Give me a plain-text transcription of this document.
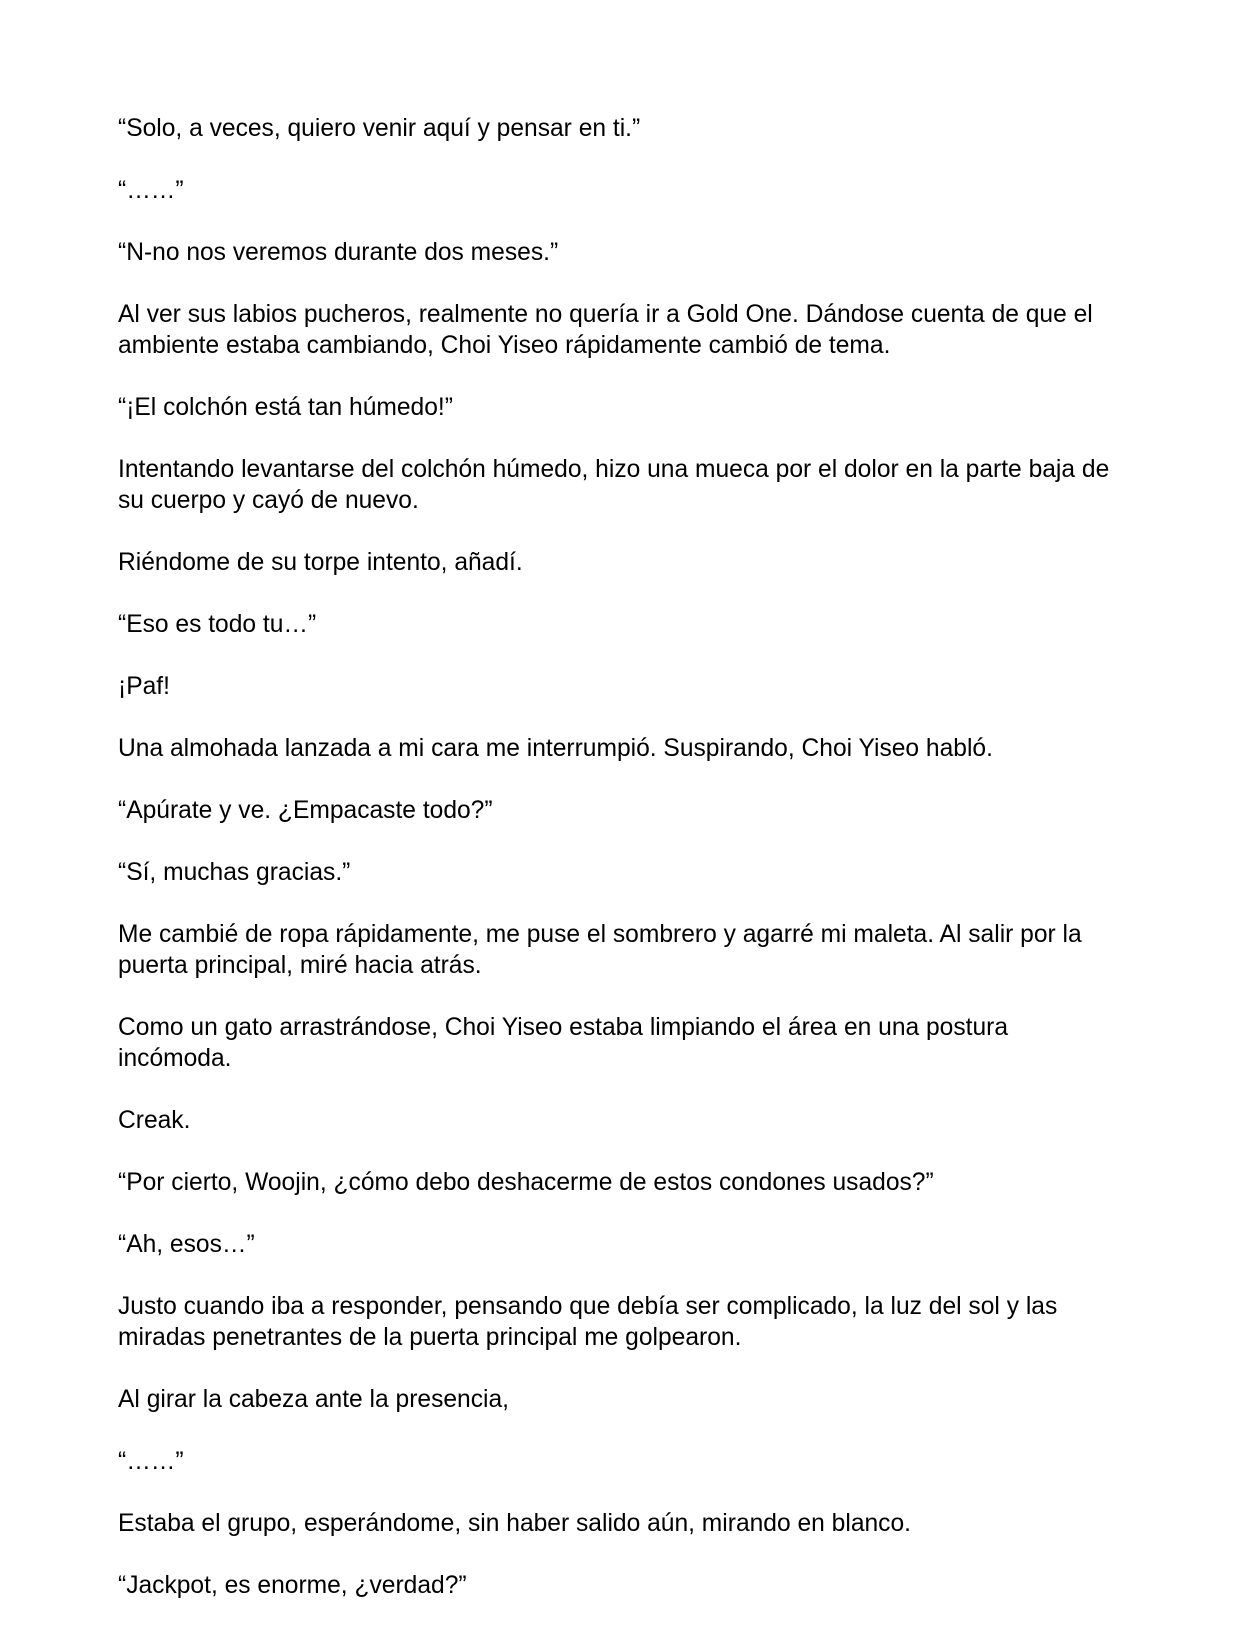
“Solo, a veces, quiero venir aquí y pensar en ti.”

“……”

“N-no nos veremos durante dos meses.”

Al ver sus labios pucheros, realmente no quería ir a Gold One. Dándose cuenta de que el ambiente estaba cambiando, Choi Yiseo rápidamente cambió de tema.

“¡El colchón está tan húmedo!”

Intentando levantarse del colchón húmedo, hizo una mueca por el dolor en la parte baja de su cuerpo y cayó de nuevo.

Riéndome de su torpe intento, añadí.

“Eso es todo tu…”

¡Paf!

Una almohada lanzada a mi cara me interrumpió. Suspirando, Choi Yiseo habló.

“Apúrate y ve. ¿Empacaste todo?”

“Sí, muchas gracias.”

Me cambié de ropa rápidamente, me puse el sombrero y agarré mi maleta. Al salir por la puerta principal, miré hacia atrás.

Como un gato arrastrándose, Choi Yiseo estaba limpiando el área en una postura incómoda.

Creak.

“Por cierto, Woojin, ¿cómo debo deshacerme de estos condones usados?”

“Ah, esos…”

Justo cuando iba a responder, pensando que debía ser complicado, la luz del sol y las miradas penetrantes de la puerta principal me golpearon.

Al girar la cabeza ante la presencia,

“……”

Estaba el grupo, esperándome, sin haber salido aún, mirando en blanco.

“Jackpot, es enorme, ¿verdad?”
